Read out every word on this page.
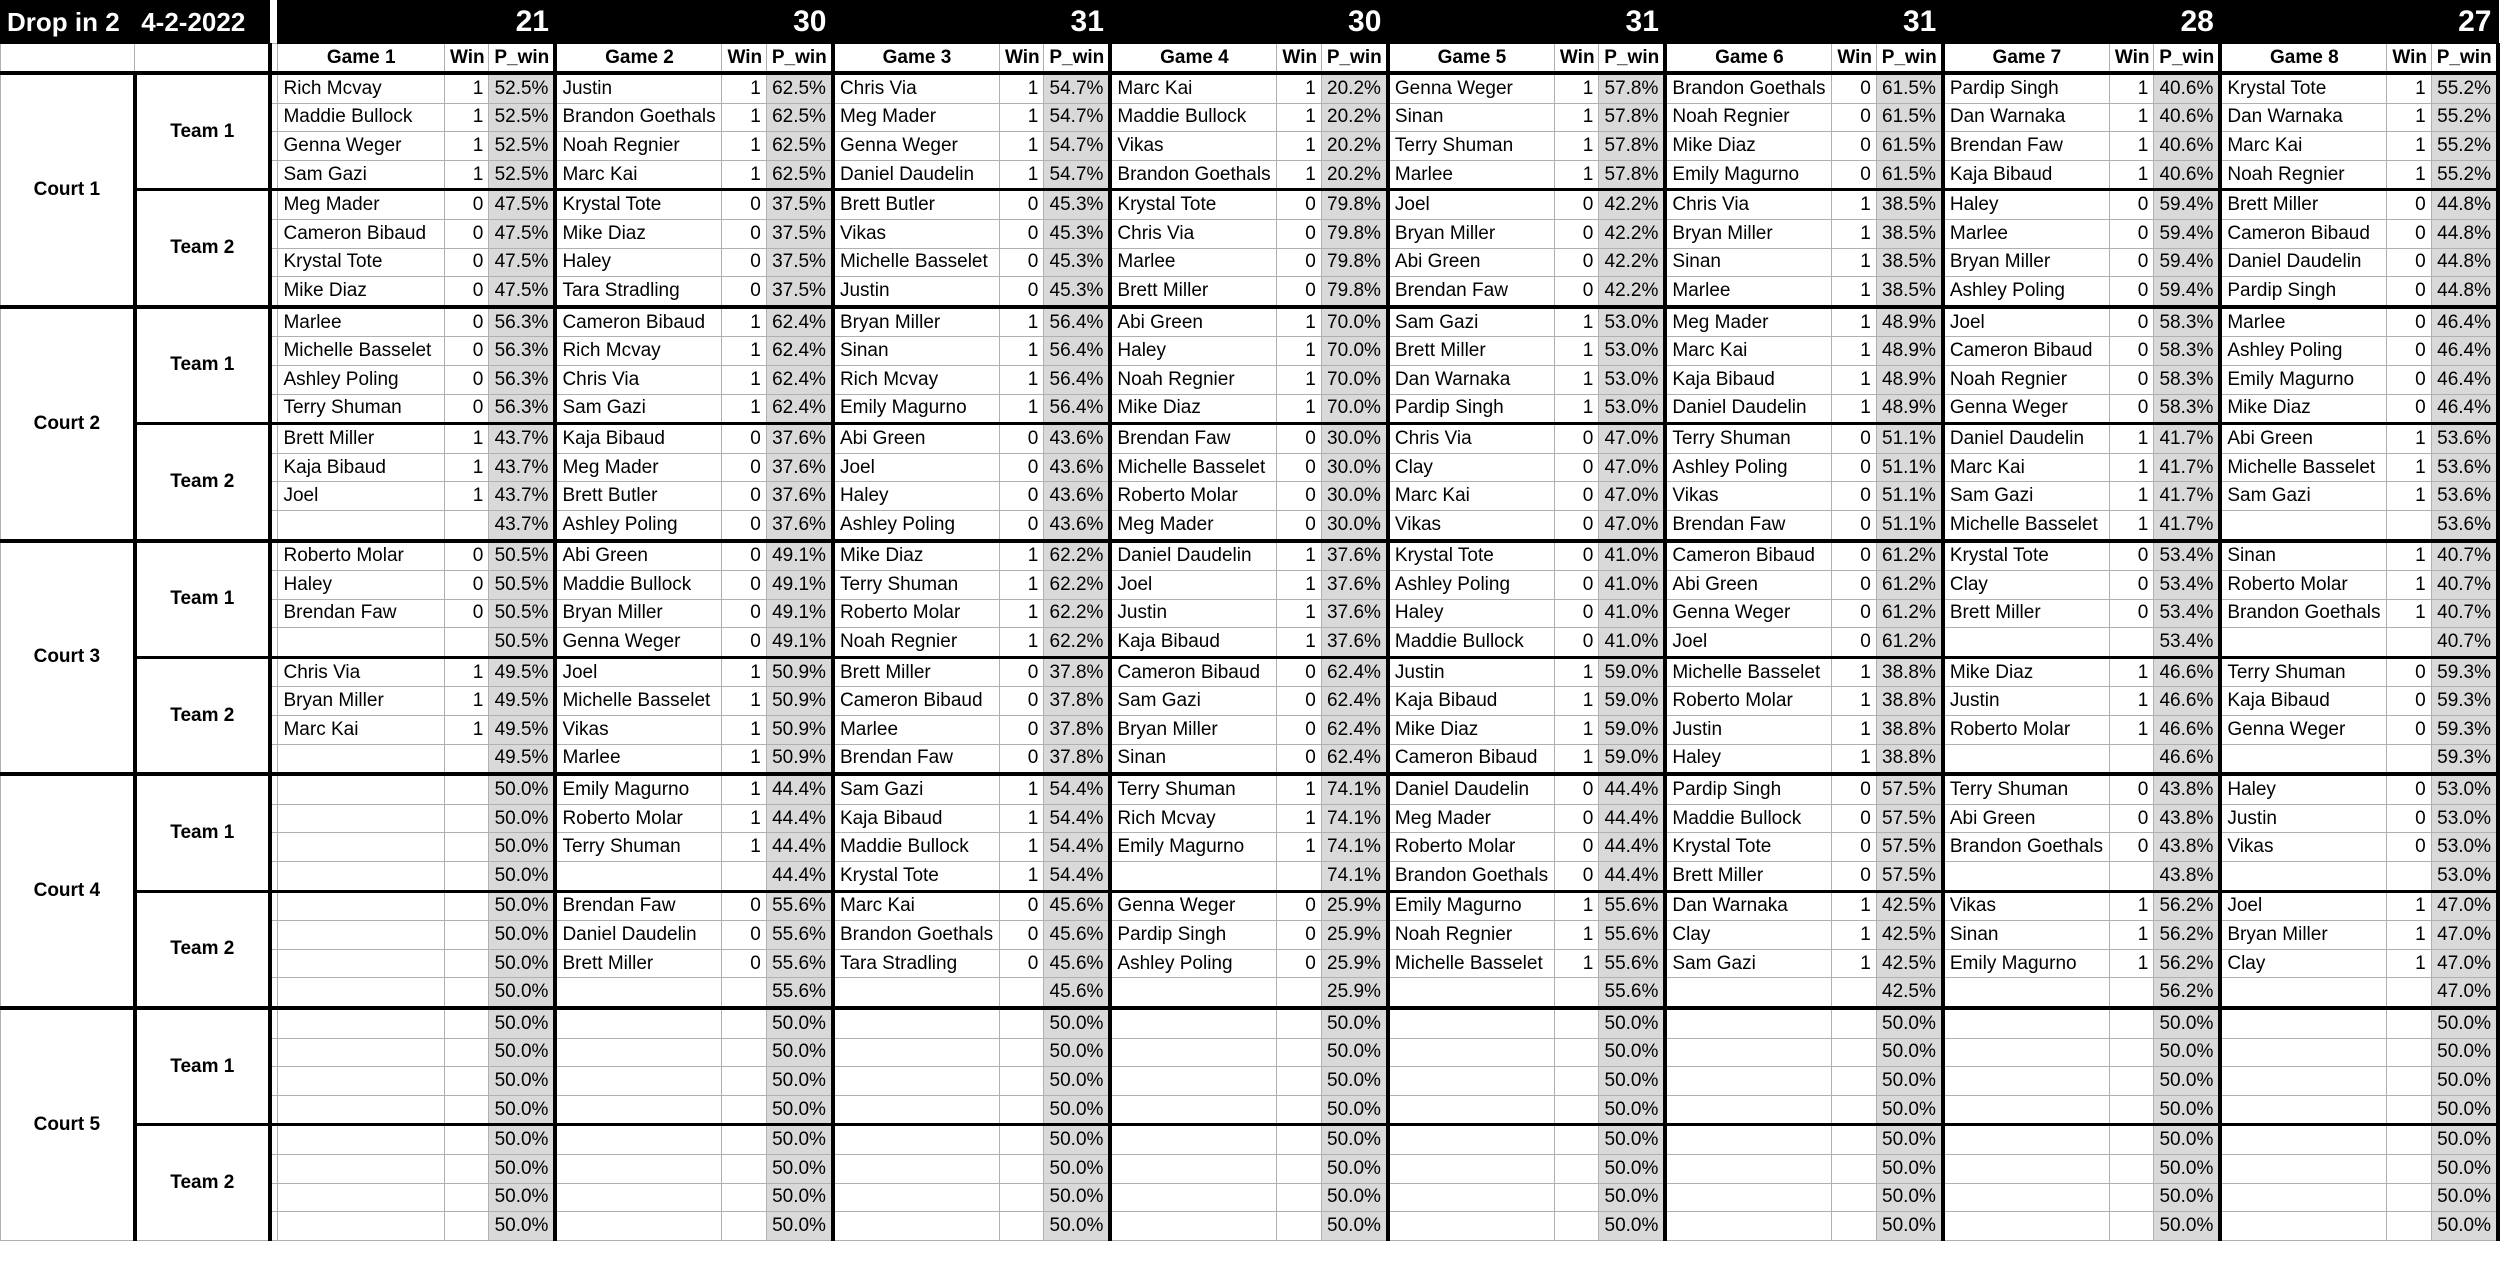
Drop in 2	4-2-2022		21			30			31			30			31			31			28			27		
			Game 1	Win	P_win	Game 2	Win	P_win	Game 3	Win	P_win	Game 4	Win	P_win	Game 5	Win	P_win	Game 6	Win	P_win	Game 7	Win	P_win	Game 8	Win	P_win
Court 1	Team 1		Rich Mcvay	1	52.5%	Justin	1	62.5%	Chris Via	1	54.7%	Marc Kai	1	20.2%	Genna Weger	1	57.8%	Brandon Goethals	0	61.5%	Pardip Singh	1	40.6%	Krystal Tote	1	55.2%
			Maddie Bullock	1	52.5%	Brandon Goethals	1	62.5%	Meg Mader	1	54.7%	Maddie Bullock	1	20.2%	Sinan	1	57.8%	Noah Regnier	0	61.5%	Dan Warnaka	1	40.6%	Dan Warnaka	1	55.2%
			Genna Weger	1	52.5%	Noah Regnier	1	62.5%	Genna Weger	1	54.7%	Vikas	1	20.2%	Terry Shuman	1	57.8%	Mike Diaz	0	61.5%	Brendan Faw	1	40.6%	Marc Kai	1	55.2%
			Sam Gazi	1	52.5%	Marc Kai	1	62.5%	Daniel Daudelin	1	54.7%	Brandon Goethals	1	20.2%	Marlee	1	57.8%	Emily Magurno	0	61.5%	Kaja Bibaud	1	40.6%	Noah Regnier	1	55.2%
	Team 2		Meg Mader	0	47.5%	Krystal Tote	0	37.5%	Brett Butler	0	45.3%	Krystal Tote	0	79.8%	Joel	0	42.2%	Chris Via	1	38.5%	Haley	0	59.4%	Brett Miller	0	44.8%
			Cameron Bibaud	0	47.5%	Mike Diaz	0	37.5%	Vikas	0	45.3%	Chris Via	0	79.8%	Bryan Miller	0	42.2%	Bryan Miller	1	38.5%	Marlee	0	59.4%	Cameron Bibaud	0	44.8%
			Krystal Tote	0	47.5%	Haley	0	37.5%	Michelle Basselet	0	45.3%	Marlee	0	79.8%	Abi Green	0	42.2%	Sinan	1	38.5%	Bryan Miller	0	59.4%	Daniel Daudelin	0	44.8%
			Mike Diaz	0	47.5%	Tara Stradling	0	37.5%	Justin	0	45.3%	Brett Miller	0	79.8%	Brendan Faw	0	42.2%	Marlee	1	38.5%	Ashley Poling	0	59.4%	Pardip Singh	0	44.8%
Court 2	Team 1		Marlee	0	56.3%	Cameron Bibaud	1	62.4%	Bryan Miller	1	56.4%	Abi Green	1	70.0%	Sam Gazi	1	53.0%	Meg Mader	1	48.9%	Joel	0	58.3%	Marlee	0	46.4%
			Michelle Basselet	0	56.3%	Rich Mcvay	1	62.4%	Sinan	1	56.4%	Haley	1	70.0%	Brett Miller	1	53.0%	Marc Kai	1	48.9%	Cameron Bibaud	0	58.3%	Ashley Poling	0	46.4%
			Ashley Poling	0	56.3%	Chris Via	1	62.4%	Rich Mcvay	1	56.4%	Noah Regnier	1	70.0%	Dan Warnaka	1	53.0%	Kaja Bibaud	1	48.9%	Noah Regnier	0	58.3%	Emily Magurno	0	46.4%
			Terry Shuman	0	56.3%	Sam Gazi	1	62.4%	Emily Magurno	1	56.4%	Mike Diaz	1	70.0%	Pardip Singh	1	53.0%	Daniel Daudelin	1	48.9%	Genna Weger	0	58.3%	Mike Diaz	0	46.4%
	Team 2		Brett Miller	1	43.7%	Kaja Bibaud	0	37.6%	Abi Green	0	43.6%	Brendan Faw	0	30.0%	Chris Via	0	47.0%	Terry Shuman	0	51.1%	Daniel Daudelin	1	41.7%	Abi Green	1	53.6%
			Kaja Bibaud	1	43.7%	Meg Mader	0	37.6%	Joel	0	43.6%	Michelle Basselet	0	30.0%	Clay	0	47.0%	Ashley Poling	0	51.1%	Marc Kai	1	41.7%	Michelle Basselet	1	53.6%
			Joel	1	43.7%	Brett Butler	0	37.6%	Haley	0	43.6%	Roberto Molar	0	30.0%	Marc Kai	0	47.0%	Vikas	0	51.1%	Sam Gazi	1	41.7%	Sam Gazi	1	53.6%
					43.7%	Ashley Poling	0	37.6%	Ashley Poling	0	43.6%	Meg Mader	0	30.0%	Vikas	0	47.0%	Brendan Faw	0	51.1%	Michelle Basselet	1	41.7%			53.6%
Court 3	Team 1		Roberto Molar	0	50.5%	Abi Green	0	49.1%	Mike Diaz	1	62.2%	Daniel Daudelin	1	37.6%	Krystal Tote	0	41.0%	Cameron Bibaud	0	61.2%	Krystal Tote	0	53.4%	Sinan	1	40.7%
			Haley	0	50.5%	Maddie Bullock	0	49.1%	Terry Shuman	1	62.2%	Joel	1	37.6%	Ashley Poling	0	41.0%	Abi Green	0	61.2%	Clay	0	53.4%	Roberto Molar	1	40.7%
			Brendan Faw	0	50.5%	Bryan Miller	0	49.1%	Roberto Molar	1	62.2%	Justin	1	37.6%	Haley	0	41.0%	Genna Weger	0	61.2%	Brett Miller	0	53.4%	Brandon Goethals	1	40.7%
					50.5%	Genna Weger	0	49.1%	Noah Regnier	1	62.2%	Kaja Bibaud	1	37.6%	Maddie Bullock	0	41.0%	Joel	0	61.2%			53.4%			40.7%
	Team 2		Chris Via	1	49.5%	Joel	1	50.9%	Brett Miller	0	37.8%	Cameron Bibaud	0	62.4%	Justin	1	59.0%	Michelle Basselet	1	38.8%	Mike Diaz	1	46.6%	Terry Shuman	0	59.3%
			Bryan Miller	1	49.5%	Michelle Basselet	1	50.9%	Cameron Bibaud	0	37.8%	Sam Gazi	0	62.4%	Kaja Bibaud	1	59.0%	Roberto Molar	1	38.8%	Justin	1	46.6%	Kaja Bibaud	0	59.3%
			Marc Kai	1	49.5%	Vikas	1	50.9%	Marlee	0	37.8%	Bryan Miller	0	62.4%	Mike Diaz	1	59.0%	Justin	1	38.8%	Roberto Molar	1	46.6%	Genna Weger	0	59.3%
					49.5%	Marlee	1	50.9%	Brendan Faw	0	37.8%	Sinan	0	62.4%	Cameron Bibaud	1	59.0%	Haley	1	38.8%			46.6%			59.3%
Court 4	Team 1				50.0%	Emily Magurno	1	44.4%	Sam Gazi	1	54.4%	Terry Shuman	1	74.1%	Daniel Daudelin	0	44.4%	Pardip Singh	0	57.5%	Terry Shuman	0	43.8%	Haley	0	53.0%
					50.0%	Roberto Molar	1	44.4%	Kaja Bibaud	1	54.4%	Rich Mcvay	1	74.1%	Meg Mader	0	44.4%	Maddie Bullock	0	57.5%	Abi Green	0	43.8%	Justin	0	53.0%
					50.0%	Terry Shuman	1	44.4%	Maddie Bullock	1	54.4%	Emily Magurno	1	74.1%	Roberto Molar	0	44.4%	Krystal Tote	0	57.5%	Brandon Goethals	0	43.8%	Vikas	0	53.0%
					50.0%			44.4%	Krystal Tote	1	54.4%			74.1%	Brandon Goethals	0	44.4%	Brett Miller	0	57.5%			43.8%			53.0%
	Team 2				50.0%	Brendan Faw	0	55.6%	Marc Kai	0	45.6%	Genna Weger	0	25.9%	Emily Magurno	1	55.6%	Dan Warnaka	1	42.5%	Vikas	1	56.2%	Joel	1	47.0%
					50.0%	Daniel Daudelin	0	55.6%	Brandon Goethals	0	45.6%	Pardip Singh	0	25.9%	Noah Regnier	1	55.6%	Clay	1	42.5%	Sinan	1	56.2%	Bryan Miller	1	47.0%
					50.0%	Brett Miller	0	55.6%	Tara Stradling	0	45.6%	Ashley Poling	0	25.9%	Michelle Basselet	1	55.6%	Sam Gazi	1	42.5%	Emily Magurno	1	56.2%	Clay	1	47.0%
					50.0%			55.6%			45.6%			25.9%			55.6%			42.5%			56.2%			47.0%
Court 5	Team 1				50.0%			50.0%			50.0%			50.0%			50.0%			50.0%			50.0%			50.0%
					50.0%			50.0%			50.0%			50.0%			50.0%			50.0%			50.0%			50.0%
					50.0%			50.0%			50.0%			50.0%			50.0%			50.0%			50.0%			50.0%
					50.0%			50.0%			50.0%			50.0%			50.0%			50.0%			50.0%			50.0%
	Team 2				50.0%			50.0%			50.0%			50.0%			50.0%			50.0%			50.0%			50.0%
					50.0%			50.0%			50.0%			50.0%			50.0%			50.0%			50.0%			50.0%
					50.0%			50.0%			50.0%			50.0%			50.0%			50.0%			50.0%			50.0%
					50.0%			50.0%			50.0%			50.0%			50.0%			50.0%			50.0%			50.0%
